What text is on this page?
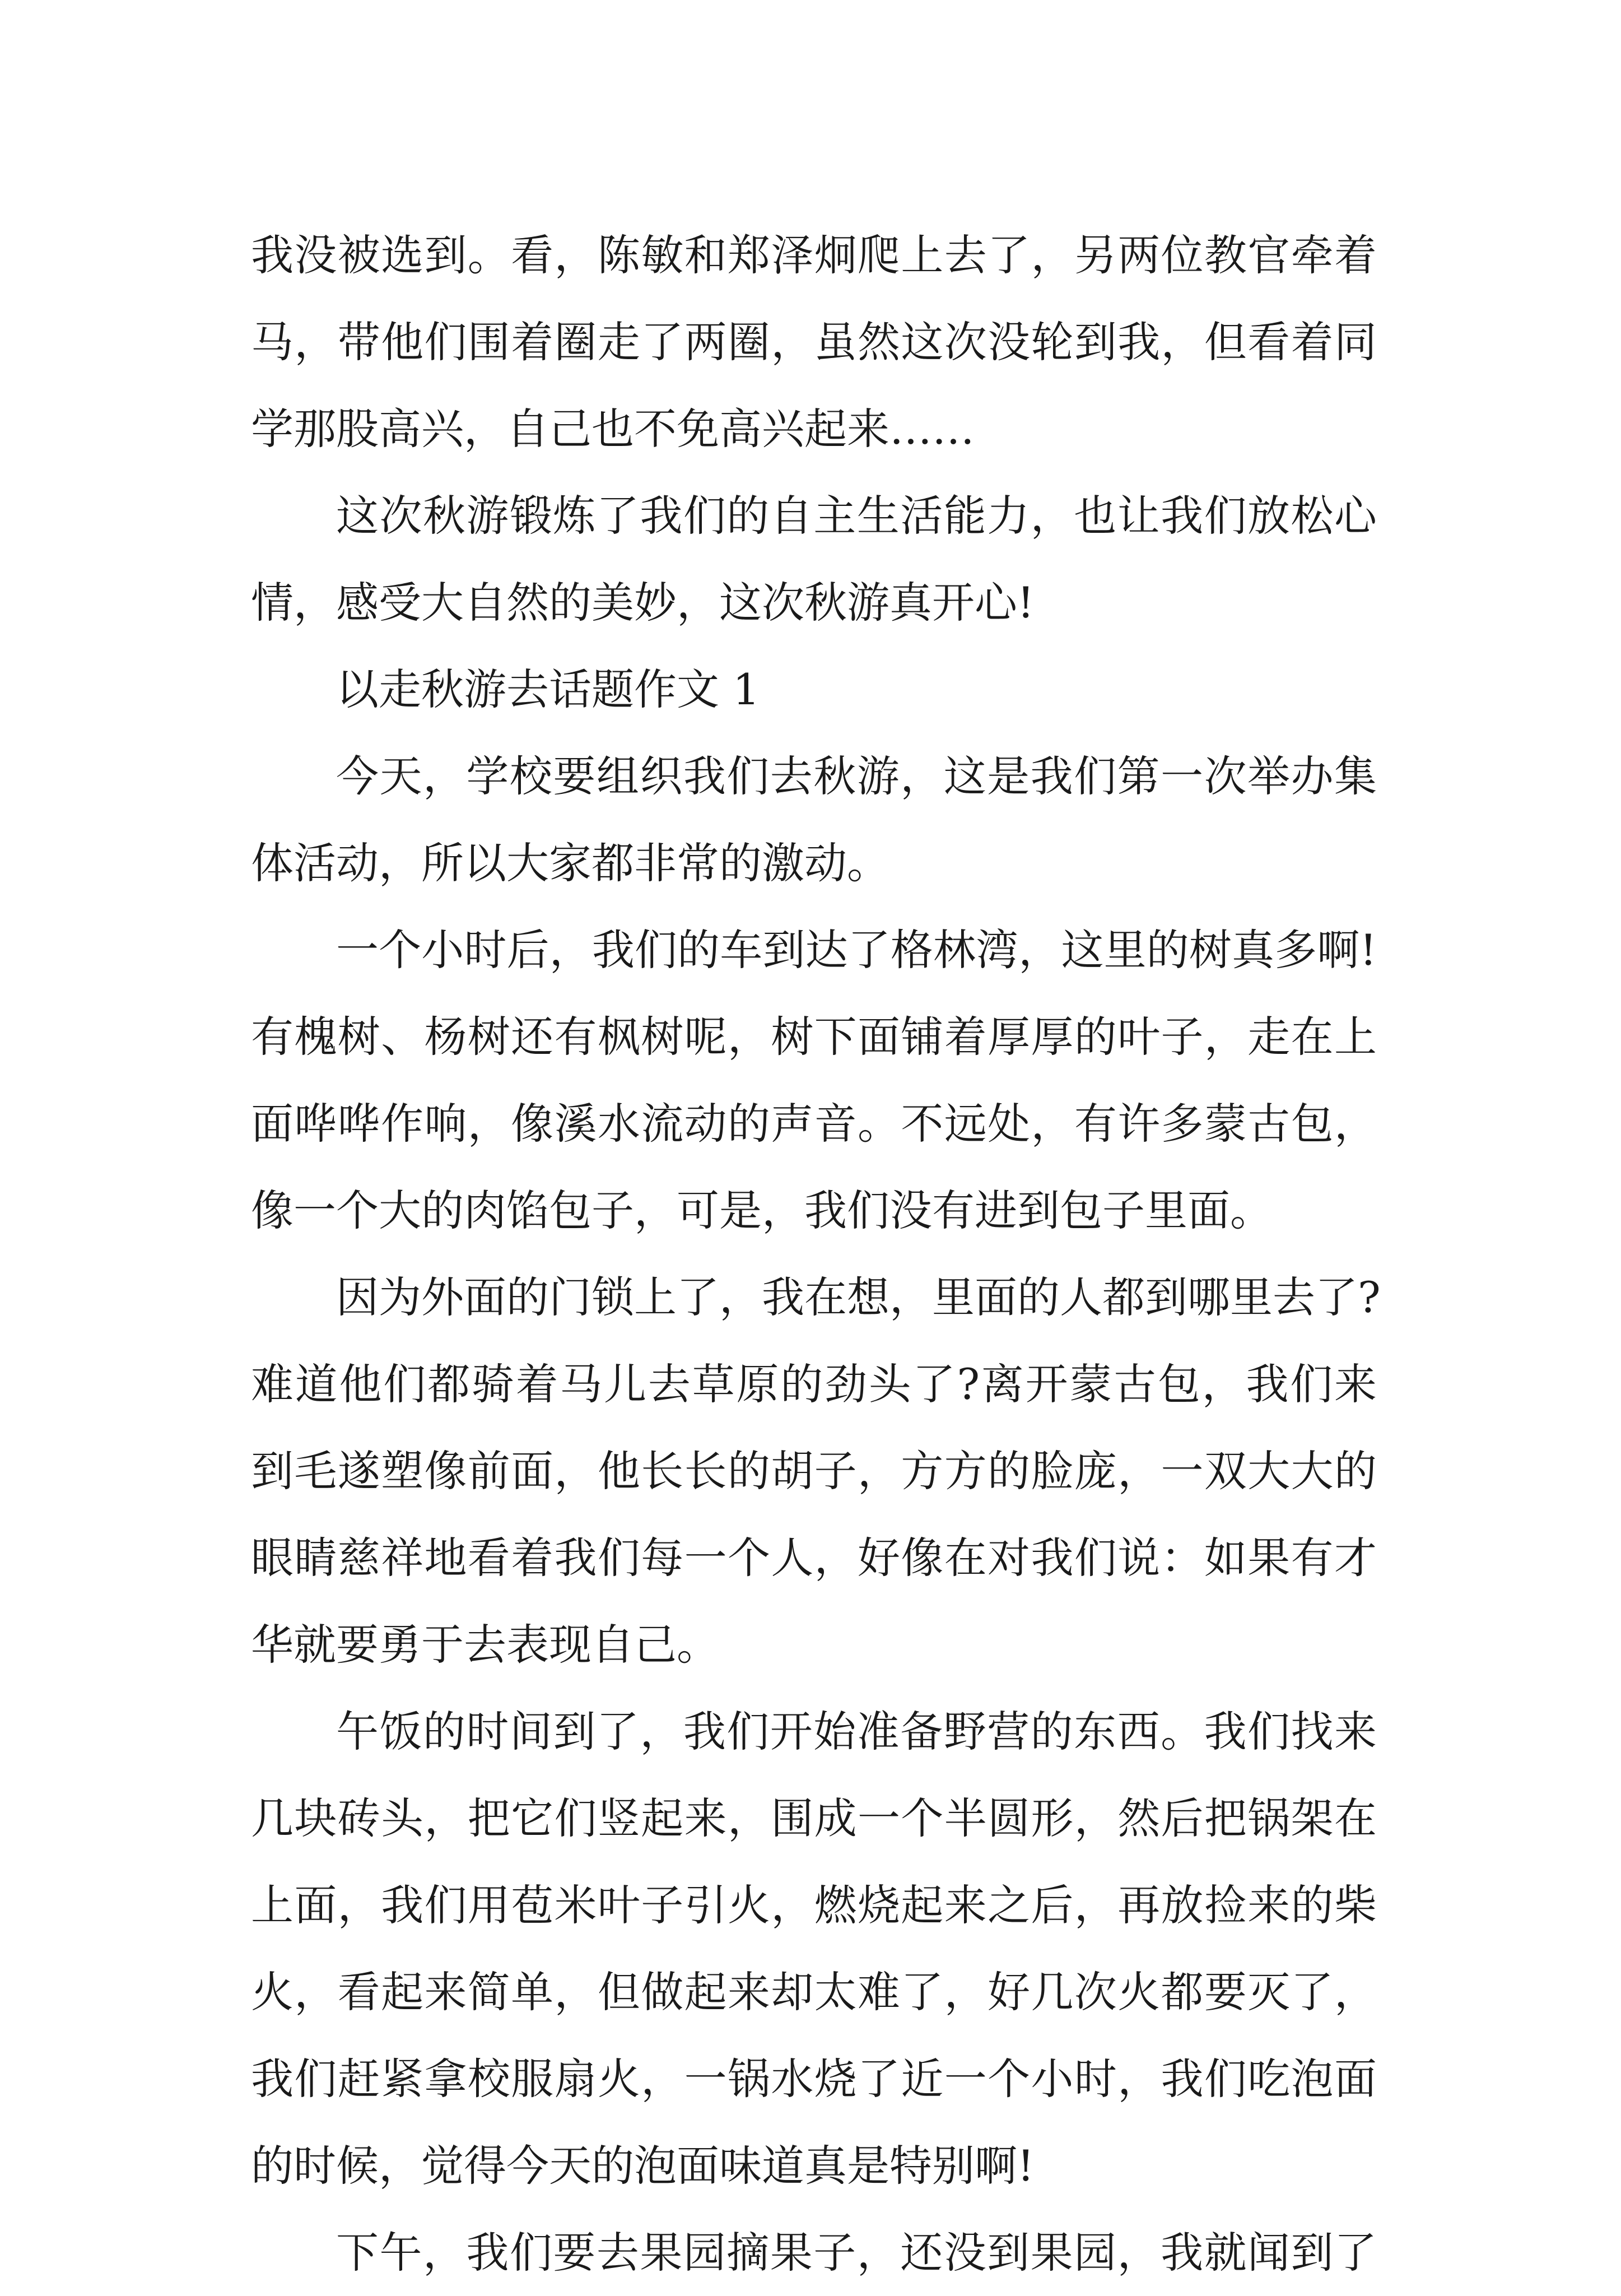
我没被选到。看，陈敏和郑泽炯爬上去了，另两位教官牵着
马，带他们围着圈走了两圈，虽然这次没轮到我，但看着同
学那股高兴，自己也不免高兴起来……
这次秋游锻炼了我们的自主生活能力，也让我们放松心
情，感受大自然的美妙，这次秋游真开心!
以走秋游去话题作文 1
今天，学校要组织我们去秋游，这是我们第一次举办集
体活动，所以大家都非常的激动。
一个小时后，我们的车到达了格林湾，这里的树真多啊!
有槐树、杨树还有枫树呢，树下面铺着厚厚的叶子，走在上
面哗哗作响，像溪水流动的声音。不远处，有许多蒙古包，
像一个大的肉馅包子，可是，我们没有进到包子里面。
因为外面的门锁上了，我在想，里面的人都到哪里去了?
难道他们都骑着马儿去草原的劲头了?离开蒙古包，我们来
到毛遂塑像前面，他长长的胡子，方方的脸庞，一双大大的
眼睛慈祥地看着我们每一个人，好像在对我们说：如果有才
华就要勇于去表现自己。
午饭的时间到了，我们开始准备野营的东西。我们找来
几块砖头，把它们竖起来，围成一个半圆形，然后把锅架在
上面，我们用苞米叶子引火，燃烧起来之后，再放捡来的柴
火，看起来简单，但做起来却太难了，好几次火都要灭了，
我们赶紧拿校服扇火，一锅水烧了近一个小时，我们吃泡面
的时候，觉得今天的泡面味道真是特别啊!
下午，我们要去果园摘果子，还没到果园，我就闻到了
